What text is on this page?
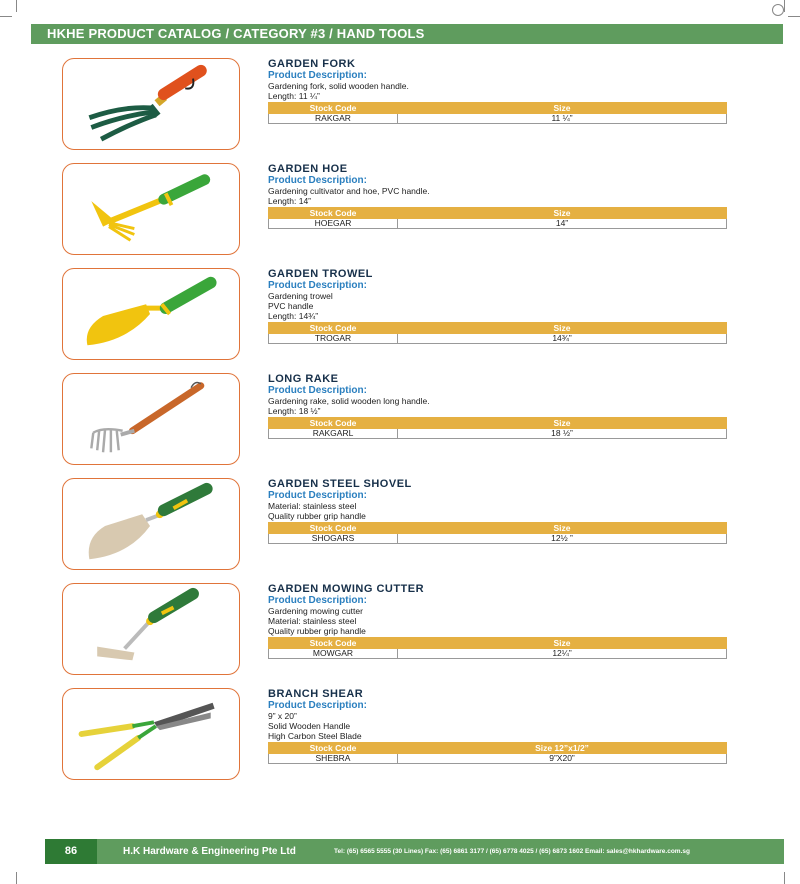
HKHE PRODUCT CATALOG / CATEGORY #3 / HAND TOOLS
GARDEN FORK
Product Description:
Gardening fork, solid wooden handle.
Length: 11 ¼”
Stock Code	Size
RAKGAR	11 ¼”
GARDEN HOE
Product Description:
Gardening cultivator and hoe, PVC handle.
Length: 14”
Stock Code	Size
HOEGAR	14”
GARDEN TROWEL
Product Description:
Gardening trowel
PVC handle
Length: 14¾”
Stock Code	Size
TROGAR	14¾”
LONG RAKE
Product Description:
Gardening rake, solid wooden long handle.
Length: 18 ½”
Stock Code	Size
RAKGARL	18 ½”
GARDEN STEEL SHOVEL
Product Description:
Material: stainless steel
Quality rubber grip handle
Stock Code	Size
SHOGARS	12½ ”
GARDEN MOWING CUTTER
Product Description:
Gardening mowing cutter
Material: stainless steel
Quality rubber grip handle
Stock Code	Size
MOWGAR	12¼”
BRANCH SHEAR
Product Description:
9” x 20”
Solid Wooden Handle
High Carbon Steel Blade
Stock Code	Size 12”x1/2”
SHEBRA	9”X20”
86	H.K Hardware & Engineering Pte Ltd	Tel: (65) 6565 5555 (30 Lines) Fax: (65) 6861 3177 / (65) 6778 4025 / (65) 6873 1602 Email: sales@hkhardware.com.sg
